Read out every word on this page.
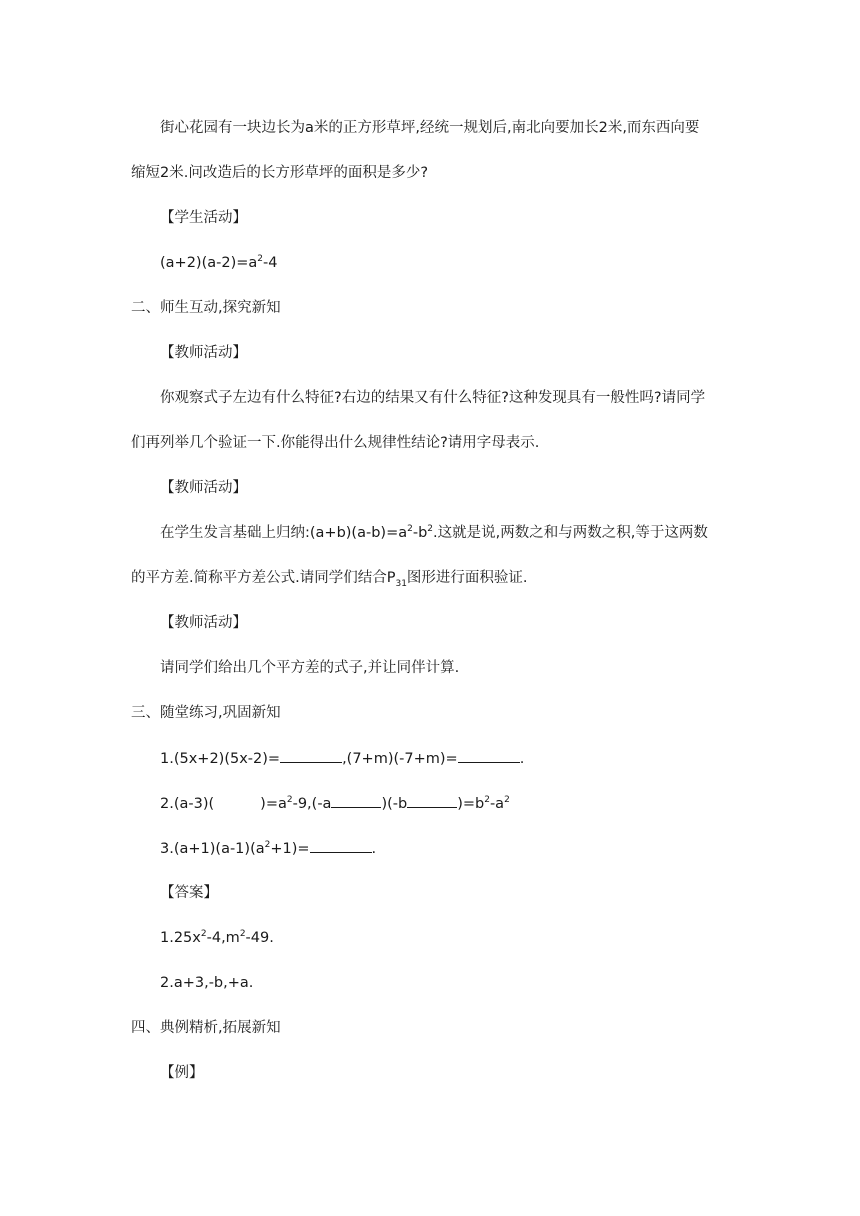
街心花园有一块边长为a米的正方形草坪,经统一规划后,南北向要加长2米,而东西向要
缩短2米.问改造后的长方形草坪的面积是多少?
【学生活动】
$(a+2)(a-2)=a^2-4$
二、师生互动,探究新知
【教师活动】
你观察式子左边有什么特征?右边的结果又有什么特征?这种发现具有一般性吗?请同学
们再列举几个验证一下.你能得出什么规律性结论?请用字母表示.
【教师活动】
在学生发言基础上归纳$:(a+b)(a-b)=a^2-b^2$.这就是说,两数之和与两数之积,等于这两数
的平方差.简称平方差公式.请同学们结合$P_{31}$图形进行面积验证.
【教师活动】
请同学们给出几个平方差的式子,并让同伴计算.
三、随堂练习,巩固新知
1.(5x+2)(5x-2)=	,(7+m)(-7+m)=	.
2.(a-3)(	)$=a^2-9,(-a$	)(-b	)$=b^2-a^2$
$3.(a+1)(a-1)(a^2+1)=$	.
【答案】
$1.25x^2-4,m^2-49$.
2.a+3,-b,+a.
四、典例精析,拓展新知
【例】
